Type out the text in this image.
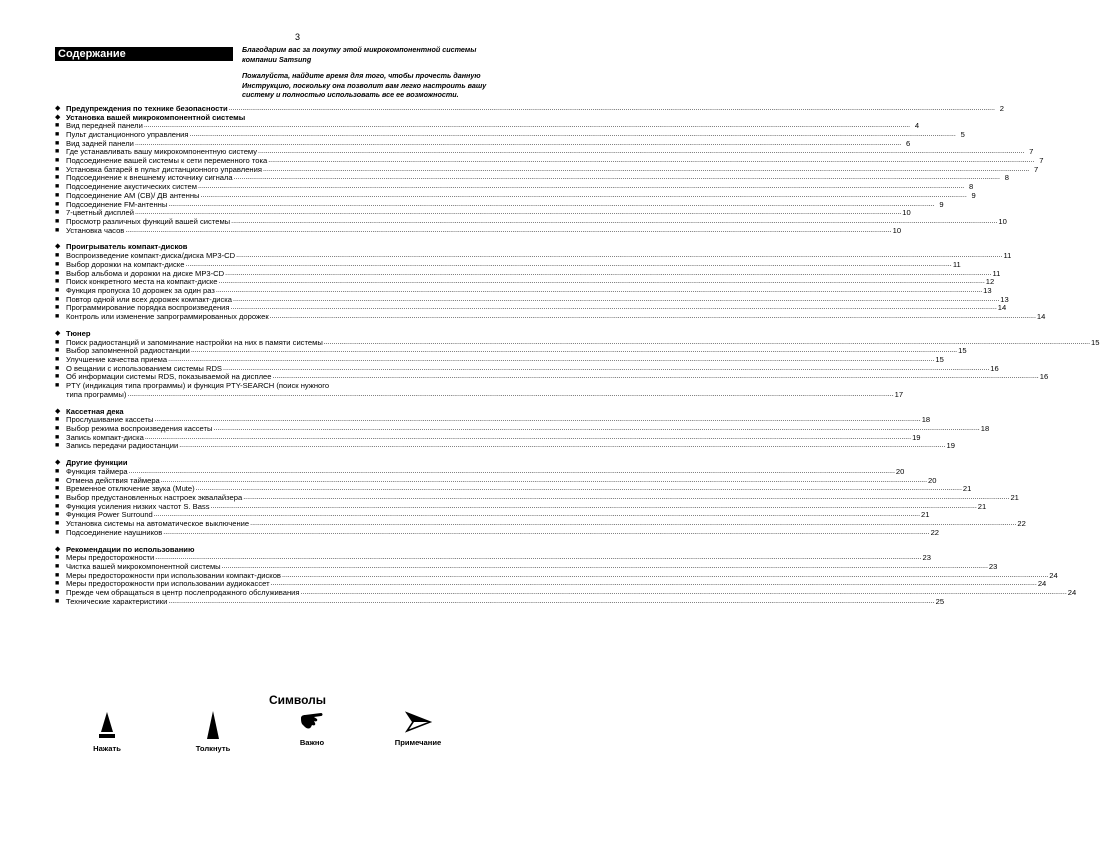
3
Содержание	Благодарим вас за покупку этой микрокомпонентной системы компании Samsung

Пожалуйста, найдите время для того, чтобы прочесть данную Инструкцию, поскольку она позволит вам легко настроить вашу систему и полностью использовать все ее возможности.

◆ Предупреждения по технике безопасности .....	2
◆ Установка вашей микрокомпонентной системы
■ Вид передней панели .....	4
■ Пульт дистанционного управления .....	5
■ Вид задней панели .....	6
■ Где устанавливать вашу микрокомпонентную систему .....	7
■ Подсоединение вашей системы к сети переменного тока .....	7
■ Установка батарей в пульт дистанционного управления .....	7
■ Подсоединение к внешнему источнику сигнала .....	8
■ Подсоединение акустических систем .....	8
■ Подсоединение AM (CB)/ ДВ антенны .....	9
■ Подсоединение FM-антенны .....	9
■ 7-цветный дисплей .....	10
■ Просмотр различных функций вашей системы .....	10
■ Установка часов .....	10
◆ Проигрыватель компакт-дисков
■ Воспроизведение компакт-диска/диска MP3-CD .....	11
■ Выбор дорожки на компакт-диске .....	11
■ Выбор альбома и дорожки на диске MP3-CD .....	11
■ Поиск конкретного места на компакт-диске .....	12
■ Функция пропуска 10 дорожек за один раз .....	13
■ Повтор одной или всех дорожек компакт-диска .....	13
■ Программирование порядка воспроизведения .....	14
■ Контроль или изменение запрограммированных дорожек .....	14
◆ Тюнер
■ Поиск радиостанций и запоминание настройки на них в памяти системы .....	15
■ Выбор запомненной радиостанции .....	15
■ Улучшение качества приема .....	15
■ О вещании с использованием системы RDS .....	16
■ Об информации системы RDS, показываемой на дисплее .....	16
■ PTY (индикация типа программы) и функция PTY-SEARCH (поиск нужного
типа программы) .....	17
◆ Кассетная дека
■ Прослушивание кассеты .....	18
■ Выбор режима воспроизведения кассеты .....	18
■ Запись компакт-диска .....	19
■ Запись передачи радиостанции .....	19
◆ Другие функции
■ Функция таймера .....	20
■ Отмена действия таймера .....	20
■ Временное отключение звука (Mute) .....	21
■ Выбор предустановленных настроек эквалайзера .....	21
■ Функция усиления низких частот S. Bass .....	21
■ Функция Power Surround .....	21
■ Установка системы на автоматическое выключение .....	22
■ Подсоединение наушников .....	22
◆ Рекомендации по использованию
■ Меры предосторожности .....	23
■ Чистка вашей микрокомпонентной системы .....	23
■ Меры предосторожности при использовании компакт-дисков .....	24
■ Меры предосторожности при использовании аудиокассет .....	24
■ Прежде чем обращаться в центр послепродажного обслуживания .....	24
■ Технические характеристики .....	25
Символы
Нажать	Толкнуть
Важно	Примечание
